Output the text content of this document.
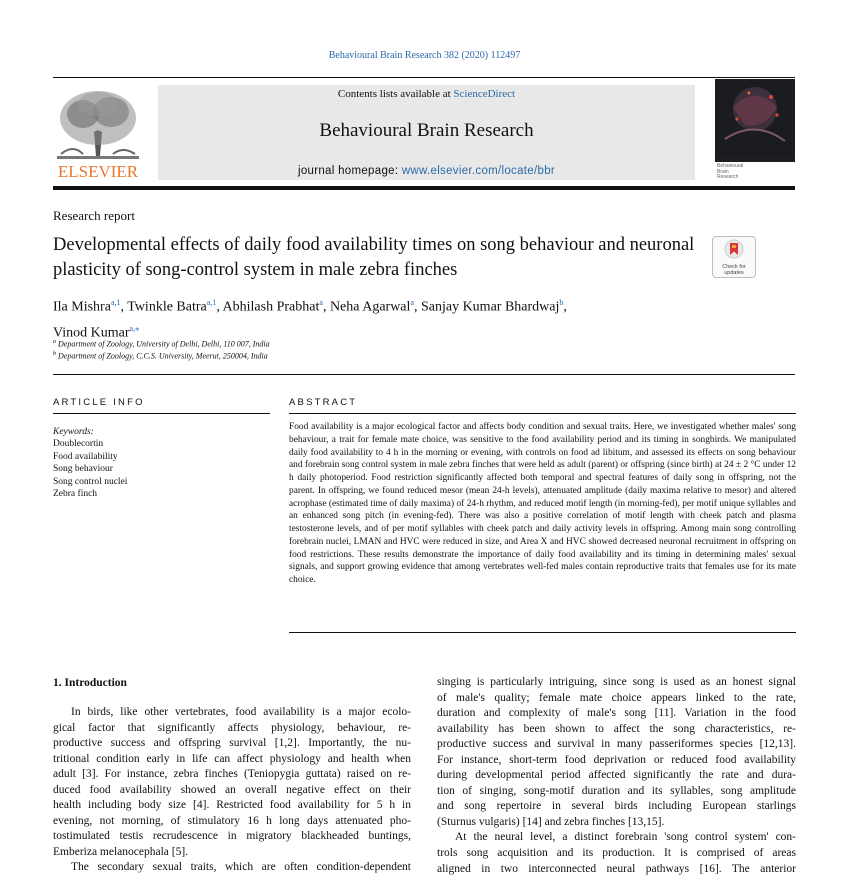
Behavioural Brain Research 382 (2020) 112497
ELSEVIER
Contents lists available at ScienceDirect
Behavioural Brain Research
journal homepage: www.elsevier.com/locate/bbr	Behavioural
Brain
Research
Research report
Developmental effects of daily food availability times on song behaviour and neuronal plasticity of song-control system in male zebra finches	Check for updates
Ila Mishra$^{a,1}$, Twinkle Batra$^{a,1}$, Abhilash Prabhat$^a$, Neha Agarwal$^a$, Sanjay Kumar Bhardwaj$^b$,
Vinod Kumar$^{a,⁎}$
$^a$ Department of Zoology, University of Delhi, Delhi, 110 007, India
$^b$ Department of Zoology, C.C.S. University, Meerut, 250004, India
ARTICLE INFO
Keywords:
Doublecortin
Food availability
Song behaviour
Song control nuclei
Zebra finch
ABSTRACT
Food availability is a major ecological factor and affects body condition and sexual traits. Here, we investigated whether males' song behaviour, a trait for female mate choice, was sensitive to the food availability period and its timing in songbirds. We manipulated daily food availability to 4 h in the morning or evening, with controls on food ad libitum, and assessed its effects on song behaviour and forebrain song control system in male zebra finches that were held as adult (parent) or offspring (since birth) at 24 ± 2 °C under 12 h daily photoperiod. Food restriction significantly affected both temporal and spectral features of daily song in offspring, not the parent. In offspring, we found reduced mesor (mean 24-h levels), attenuated amplitude (daily maxima relative to mesor) and altered acrophase (estimated time of daily maxima) of 24-h rhythm, and reduced motif length (in morning-fed), per motif unique syllables and an enhanced song pitch (in evening-fed). There was also a positive correlation of motif length with cheek patch and plasma testosterone levels, and of per motif syllables with cheek patch and daily activity levels in offspring. Among main song controlling forebrain nuclei, LMAN and HVC were reduced in size, and Area X and HVC showed decreased neuronal recruitment in offspring on food restrictions. These results demonstrate the importance of daily food availability and its timing in determining males' sexual signals, and support growing evidence that among vertebrates well-fed males contain reproductive traits that females use for its mate choice.
1. Introduction
In birds, like other vertebrates, food availability is a major ecolo-
gical factor that significantly affects physiology, behaviour, re-
productive success and offspring survival [1,2]. Importantly, the nu-
tritional condition early in life can affect physiology and health when
adult [3]. For instance, zebra finches (Teniopygia guttata) raised on re-
duced food availability showed an overall negative effect on their
health including body size [4]. Restricted food availability for 5 h in
evening, not morning, of stimulatory 16 h long days attenuated pho-
tostimulated testis recrudescence in migratory blackheaded buntings,
Emberiza melanocephala [5].
The secondary sexual traits, which are often condition-dependent
singing is particularly intriguing, since song is used as an honest signal
of male's quality; female mate choice appears linked to the rate,
duration and complexity of male's song [11]. Variation in the food
availability has been shown to affect the song characteristics, re-
productive success and survival in many passeriformes species [12,13].
For instance, short-term food deprivation or reduced food availability
during developmental period affected significantly the rate and dura-
tion of singing, song-motif duration and its syllables, song amplitude
and song repertoire in several birds including European starlings
(Sturnus vulgaris) [14] and zebra finches [13,15].
At the neural level, a distinct forebrain 'song control system' con-
trols song acquisition and its production. It is comprised of areas
aligned in two interconnected neural pathways [16]. The anterior
